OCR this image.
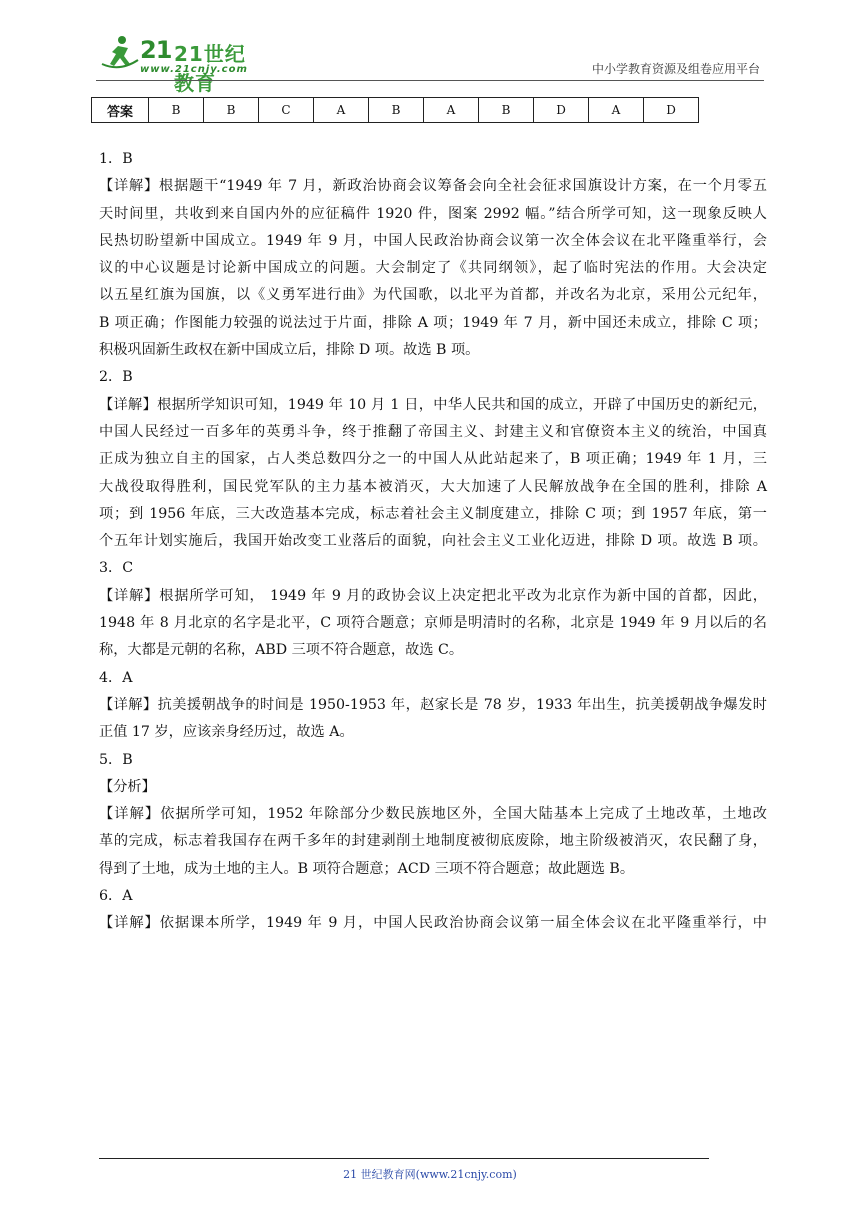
21 21世纪教育
www.21cnjy.com	中小学教育资源及组卷应用平台
答案	B	B	C	A	B	A	B	D	A	D
1．B
【详解】根据题干“1949 年 7 月，新政治协商会议筹备会向全社会征求国旗设计方案，在一个月零五
天时间里，共收到来自国内外的应征稿件 1920 件，图案 2992 幅。”结合所学可知，这一现象反映人
民热切盼望新中国成立。1949 年 9 月，中国人民政治协商会议第一次全体会议在北平隆重举行，会
议的中心议题是讨论新中国成立的问题。大会制定了《共同纲领》，起了临时宪法的作用。大会决定
以五星红旗为国旗，以《义勇军进行曲》为代国歌，以北平为首都，并改名为北京，采用公元纪年，
B 项正确；作图能力较强的说法过于片面，排除 A 项；1949 年 7 月，新中国还未成立，排除 C 项；
积极巩固新生政权在新中国成立后，排除 D 项。故选 B 项。
2．B
【详解】根据所学知识可知，1949 年 10 月 1 日，中华人民共和国的成立，开辟了中国历史的新纪元，
中国人民经过一百多年的英勇斗争，终于推翻了帝国主义、封建主义和官僚资本主义的统治，中国真
正成为独立自主的国家，占人类总数四分之一的中国人从此站起来了，B 项正确；1949 年 1 月，三
大战役取得胜利，国民党军队的主力基本被消灭，大大加速了人民解放战争在全国的胜利，排除 A
项；到 1956 年底，三大改造基本完成，标志着社会主义制度建立，排除 C 项；到 1957 年底，第一
个五年计划实施后，我国开始改变工业落后的面貌，向社会主义工业化迈进，排除 D 项。故选 B 项。
3．C
【详解】根据所学可知， 1949 年 9 月的政协会议上决定把北平改为北京作为新中国的首都，因此，
1948 年 8 月北京的名字是北平，C 项符合题意；京师是明清时的名称，北京是 1949 年 9 月以后的名
称，大都是元朝的名称，ABD 三项不符合题意，故选 C。
4．A
【详解】抗美援朝战争的时间是 1950-1953 年，赵家长是 78 岁，1933 年出生，抗美援朝战争爆发时
正值 17 岁，应该亲身经历过，故选 A。
5．B
【分析】
【详解】依据所学可知，1952 年除部分少数民族地区外，全国大陆基本上完成了土地改革，土地改
革的完成，标志着我国存在两千多年的封建剥削土地制度被彻底废除，地主阶级被消灭，农民翻了身，
得到了土地，成为土地的主人。B 项符合题意；ACD 三项不符合题意；故此题选 B。
6．A
【详解】依据课本所学，1949 年 9 月，中国人民政治协商会议第一届全体会议在北平隆重举行，中
21 世纪教育网(www.21cnjy.com)
